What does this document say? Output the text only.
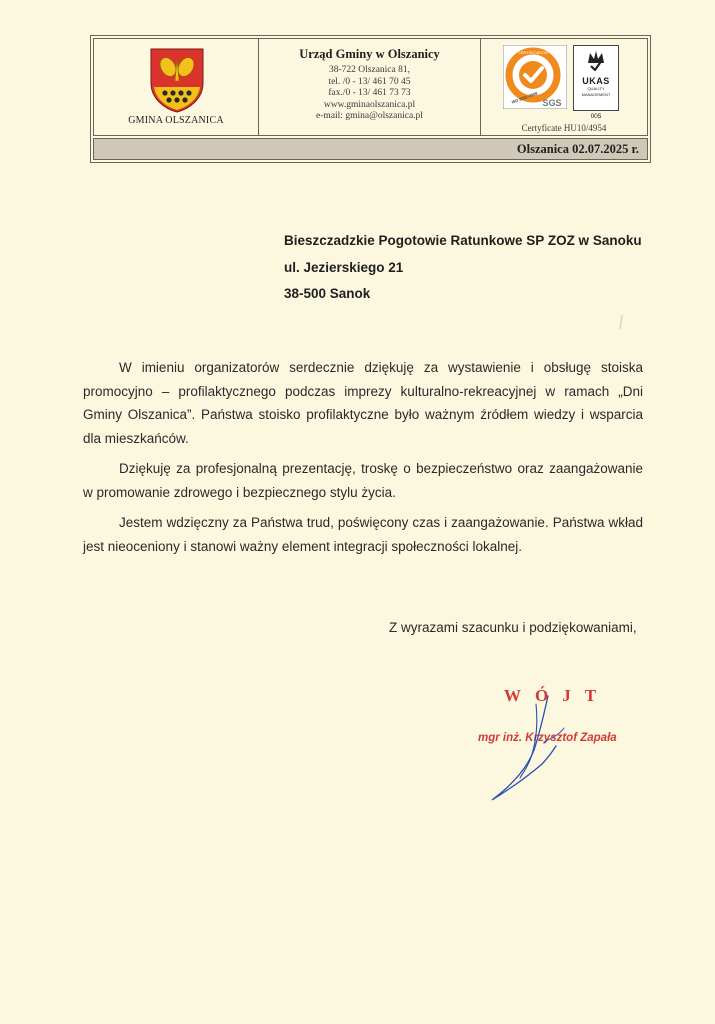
GMINA OLSZANICA
Urząd Gminy w Olszanicy
38-722 Olszanica 81,
tel. /0 - 13/ 461 70 45
fax./0 - 13/ 461 73 73
www.gminaolszanica.pl
e-mail: gmina@olszanica.pl
CERTIFICATION
ISO 9001:2008 SGS
UKAS
QUALITY
MANAGEMENT
005
Certyficate HU10/4954
Olszanica 02.07.2025 r.
Bieszczadzkie Pogotowie Ratunkowe SP ZOZ w Sanoku
ul. Jezierskiego 21
38-500 Sanok

W imieniu organizatorów serdecznie dziękuję za wystawienie i obsługę stoiska promocyjno – profilaktycznego podczas imprezy kulturalno-rekreacyjnej w ramach „Dni Gminy Olszanica”. Państwa stoisko profilaktyczne było ważnym źródłem wiedzy i wsparcia dla mieszkańców.

Dziękuję za profesjonalną prezentację, troskę o bezpieczeństwo oraz zaangażowanie w promowanie zdrowego i bezpiecznego stylu życia.

Jestem wdzięczny za Państwa trud, poświęcony czas i zaangażowanie. Państwa wkład jest nieoceniony i stanowi ważny element integracji społeczności lokalnej.

Z wyrazami szacunku i podziękowaniami,
WÓJT
mgr inż. Krzysztof Zapała
